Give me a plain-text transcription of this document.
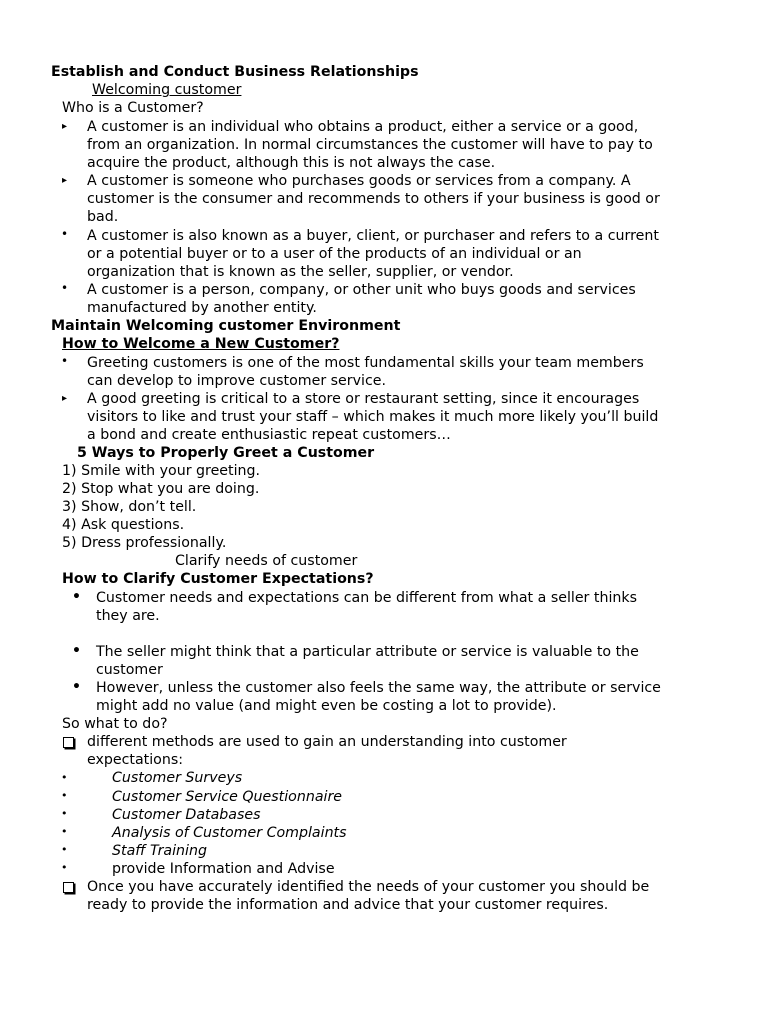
Establish and Conduct Business Relationships
Welcoming customer
Who is a Customer?
▸ A customer is an individual who obtains a product, either a service or a good,
from an organization. In normal circumstances the customer will have to pay to
acquire the product, although this is not always the case.
▸ A customer is someone who purchases goods or services from a company. A
customer is the consumer and recommends to others if your business is good or
bad.
• A customer is also known as a buyer, client, or purchaser and refers to a current
or a potential buyer or to a user of the products of an individual or an
organization that is known as the seller, supplier, or vendor.
• A customer is a person, company, or other unit who buys goods and services
manufactured by another entity.
Maintain Welcoming customer Environment
How to Welcome a New Customer?
• Greeting customers is one of the most fundamental skills your team members
can develop to improve customer service.
▸ A good greeting is critical to a store or restaurant setting, since it encourages
visitors to like and trust your staff – which makes it much more likely you’ll build
a bond and create enthusiastic repeat customers…
5 Ways to Properly Greet a Customer
1) Smile with your greeting.
2) Stop what you are doing.
3) Show, don’t tell.
4) Ask questions.
5) Dress professionally.
Clarify needs of customer
How to Clarify Customer Expectations?
• Customer needs and expectations can be different from what a seller thinks
they are.
• The seller might think that a particular attribute or service is valuable to the
customer
• However, unless the customer also feels the same way, the attribute or service
might add no value (and might even be costing a lot to provide).
So what to do?
different methods are used to gain an understanding into customer
expectations:
•	Customer Surveys
•	Customer Service Questionnaire
•	Customer Databases
•	Analysis of Customer Complaints
•	Staff Training
•	provide Information and Advise
Once you have accurately identified the needs of your customer you should be
ready to provide the information and advice that your customer requires.
